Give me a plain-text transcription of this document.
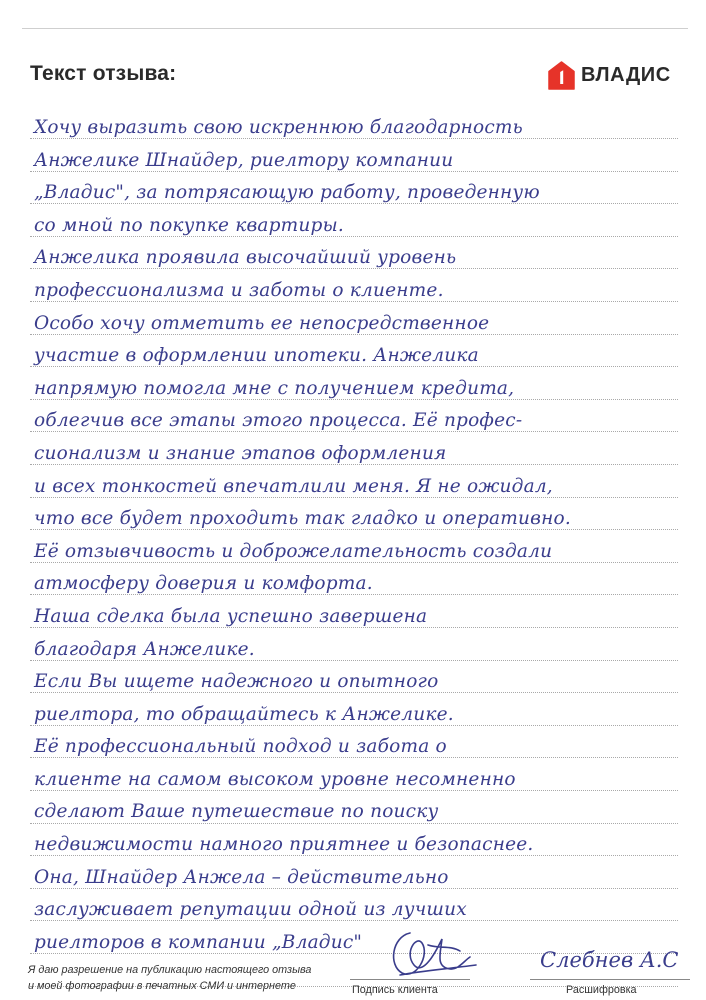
Текст отзыва:	ВЛАДИС
Хочу выразить свою искреннюю благодарность
Анжелике Шнайдер, риелтору компании
„Владис", за потрясающую работу, проведенную
со мной по покупке квартиры.
Анжелика проявила высочайший уровень
профессионализма и заботы о клиенте.
Особо хочу отметить ее непосредственное
участие в оформлении ипотеки. Анжелика
напрямую помогла мне с получением кредита,
облегчив все этапы этого процесса. Её профес-
сионализм и знание этапов оформления
и всех тонкостей впечатлили меня. Я не ожидал,
что все будет проходить так гладко и оперативно.
Её отзывчивость и доброжелательность создали
атмосферу доверия и комфорта.
Наша сделка была успешно завершена
благодаря Анжелике.
Если Вы ищете надежного и опытного
риелтора, то обращайтесь к Анжелике.
Её профессиональный подход и забота о
клиенте на самом высоком уровне несомненно
сделают Ваше путешествие по поиску
недвижимости намного приятнее и безопаснее.
Она, Шнайдер Анжела – действительно
заслуживает репутации одной из лучших
риелторов в компании „Владис"
Я даю разрешение на публикацию настоящего отзыва
и моей фотографии в печатных СМИ и интернете	Подпись клиента
Слебнев А.С
Расшифровка
